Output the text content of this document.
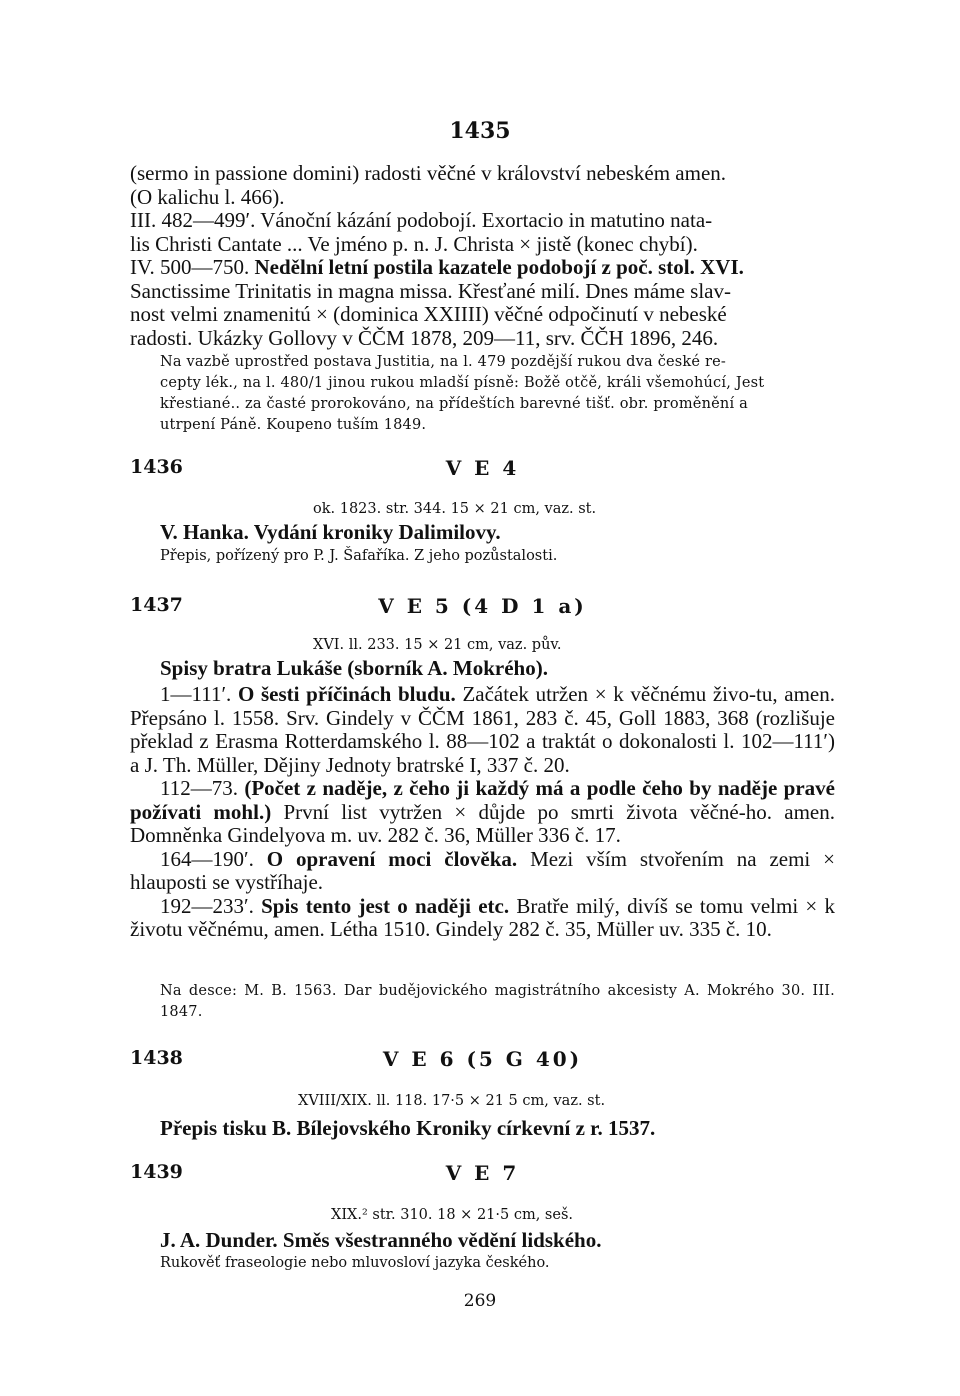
1435

(sermo in passione domini) radosti věčné v království nebeském amen.

(O kalichu l. 466).

III. 482—499′. Vánoční kázání podobojí. Exortacio in matutino nata-

lis Christi Cantate ... Ve jméno p. n. J. Christa × jistě (konec chybí).

IV. 500—750. Nedělní letní postila kazatele podobojí z poč. stol. XVI.

Sanctissime Trinitatis in magna missa. Křesťané milí. Dnes máme slav-

nost velmi znamenitú × (dominica XXIIII) věčné odpočinutí v nebeské

radosti. Ukázky Gollovy v ČČM 1878, 209—11, srv. ČČH 1896, 246.

Na vazbě uprostřed postava Justitia, na l. 479 pozdější rukou dva české re-

cepty lék., na l. 480/1 jinou rukou mladší písně: Božě otčě, králi všemohúcí, Jest

křestiané.. za časté prorokováno, na přídeštích barevné tišť. obr. proměnění a

utrpení Páně. Koupeno tuším 1849.

1436	V E 4
ok. 1823. str. 344. 15 × 21 cm, vaz. st.
V. Hanka. Vydání kroniky Dalimilovy.
Přepis, pořízený pro P. J. Šafaříka. Z jeho pozůstalosti.
1437	V E 5 (4 D 1 a)
XVI. ll. 233. 15 × 21 cm, vaz. pův.
Spisy bratra Lukáše (sborník A. Mokrého).

1—111′. O šesti příčinách bludu. Začátek utržen × k věčnému živo-tu, amen. Přepsáno l. 1558. Srv. Gindely v ČČM 1861, 283 č. 45, Goll 1883, 368 (rozlišuje překlad z Erasma Rotterdamského l. 88—102 a traktát o dokonalosti l. 102—111′) a J. Th. Müller, Dějiny Jednoty bratrské I, 337 č. 20.

112—73. (Počet z naděje, z čeho ji každý má a podle čeho by naděje pravé požívati mohl.) První list vytržen × důjde po smrti života věčné-ho. amen. Domněnka Gindelyova m. uv. 282 č. 36, Müller 336 č. 17.

164—190′. O opravení moci člověka. Mezi vším stvořením na zemi × hlauposti se vystříhaje.

192—233′. Spis tento jest o naději etc. Bratře milý, divíš se tomu velmi × k životu věčnému, amen. Létha 1510. Gindely 282 č. 35, Müller uv. 335 č. 10.

Na desce: M. B. 1563. Dar budějovického magistrátního akcesisty A. Mokrého 30. III. 1847.

1438	V E 6 (5 G 40)
XVIII/XIX. ll. 118. 17·5 × 21 5 cm, vaz. st.
Přepis tisku B. Bílejovského Kroniky církevní z r. 1537.
1439	V E 7
XIX.² str. 310. 18 × 21·5 cm, seš.
J. A. Dunder. Směs všestranného vědění lidského.
Rukověť fraseologie nebo mluvosloví jazyka českého.
269
